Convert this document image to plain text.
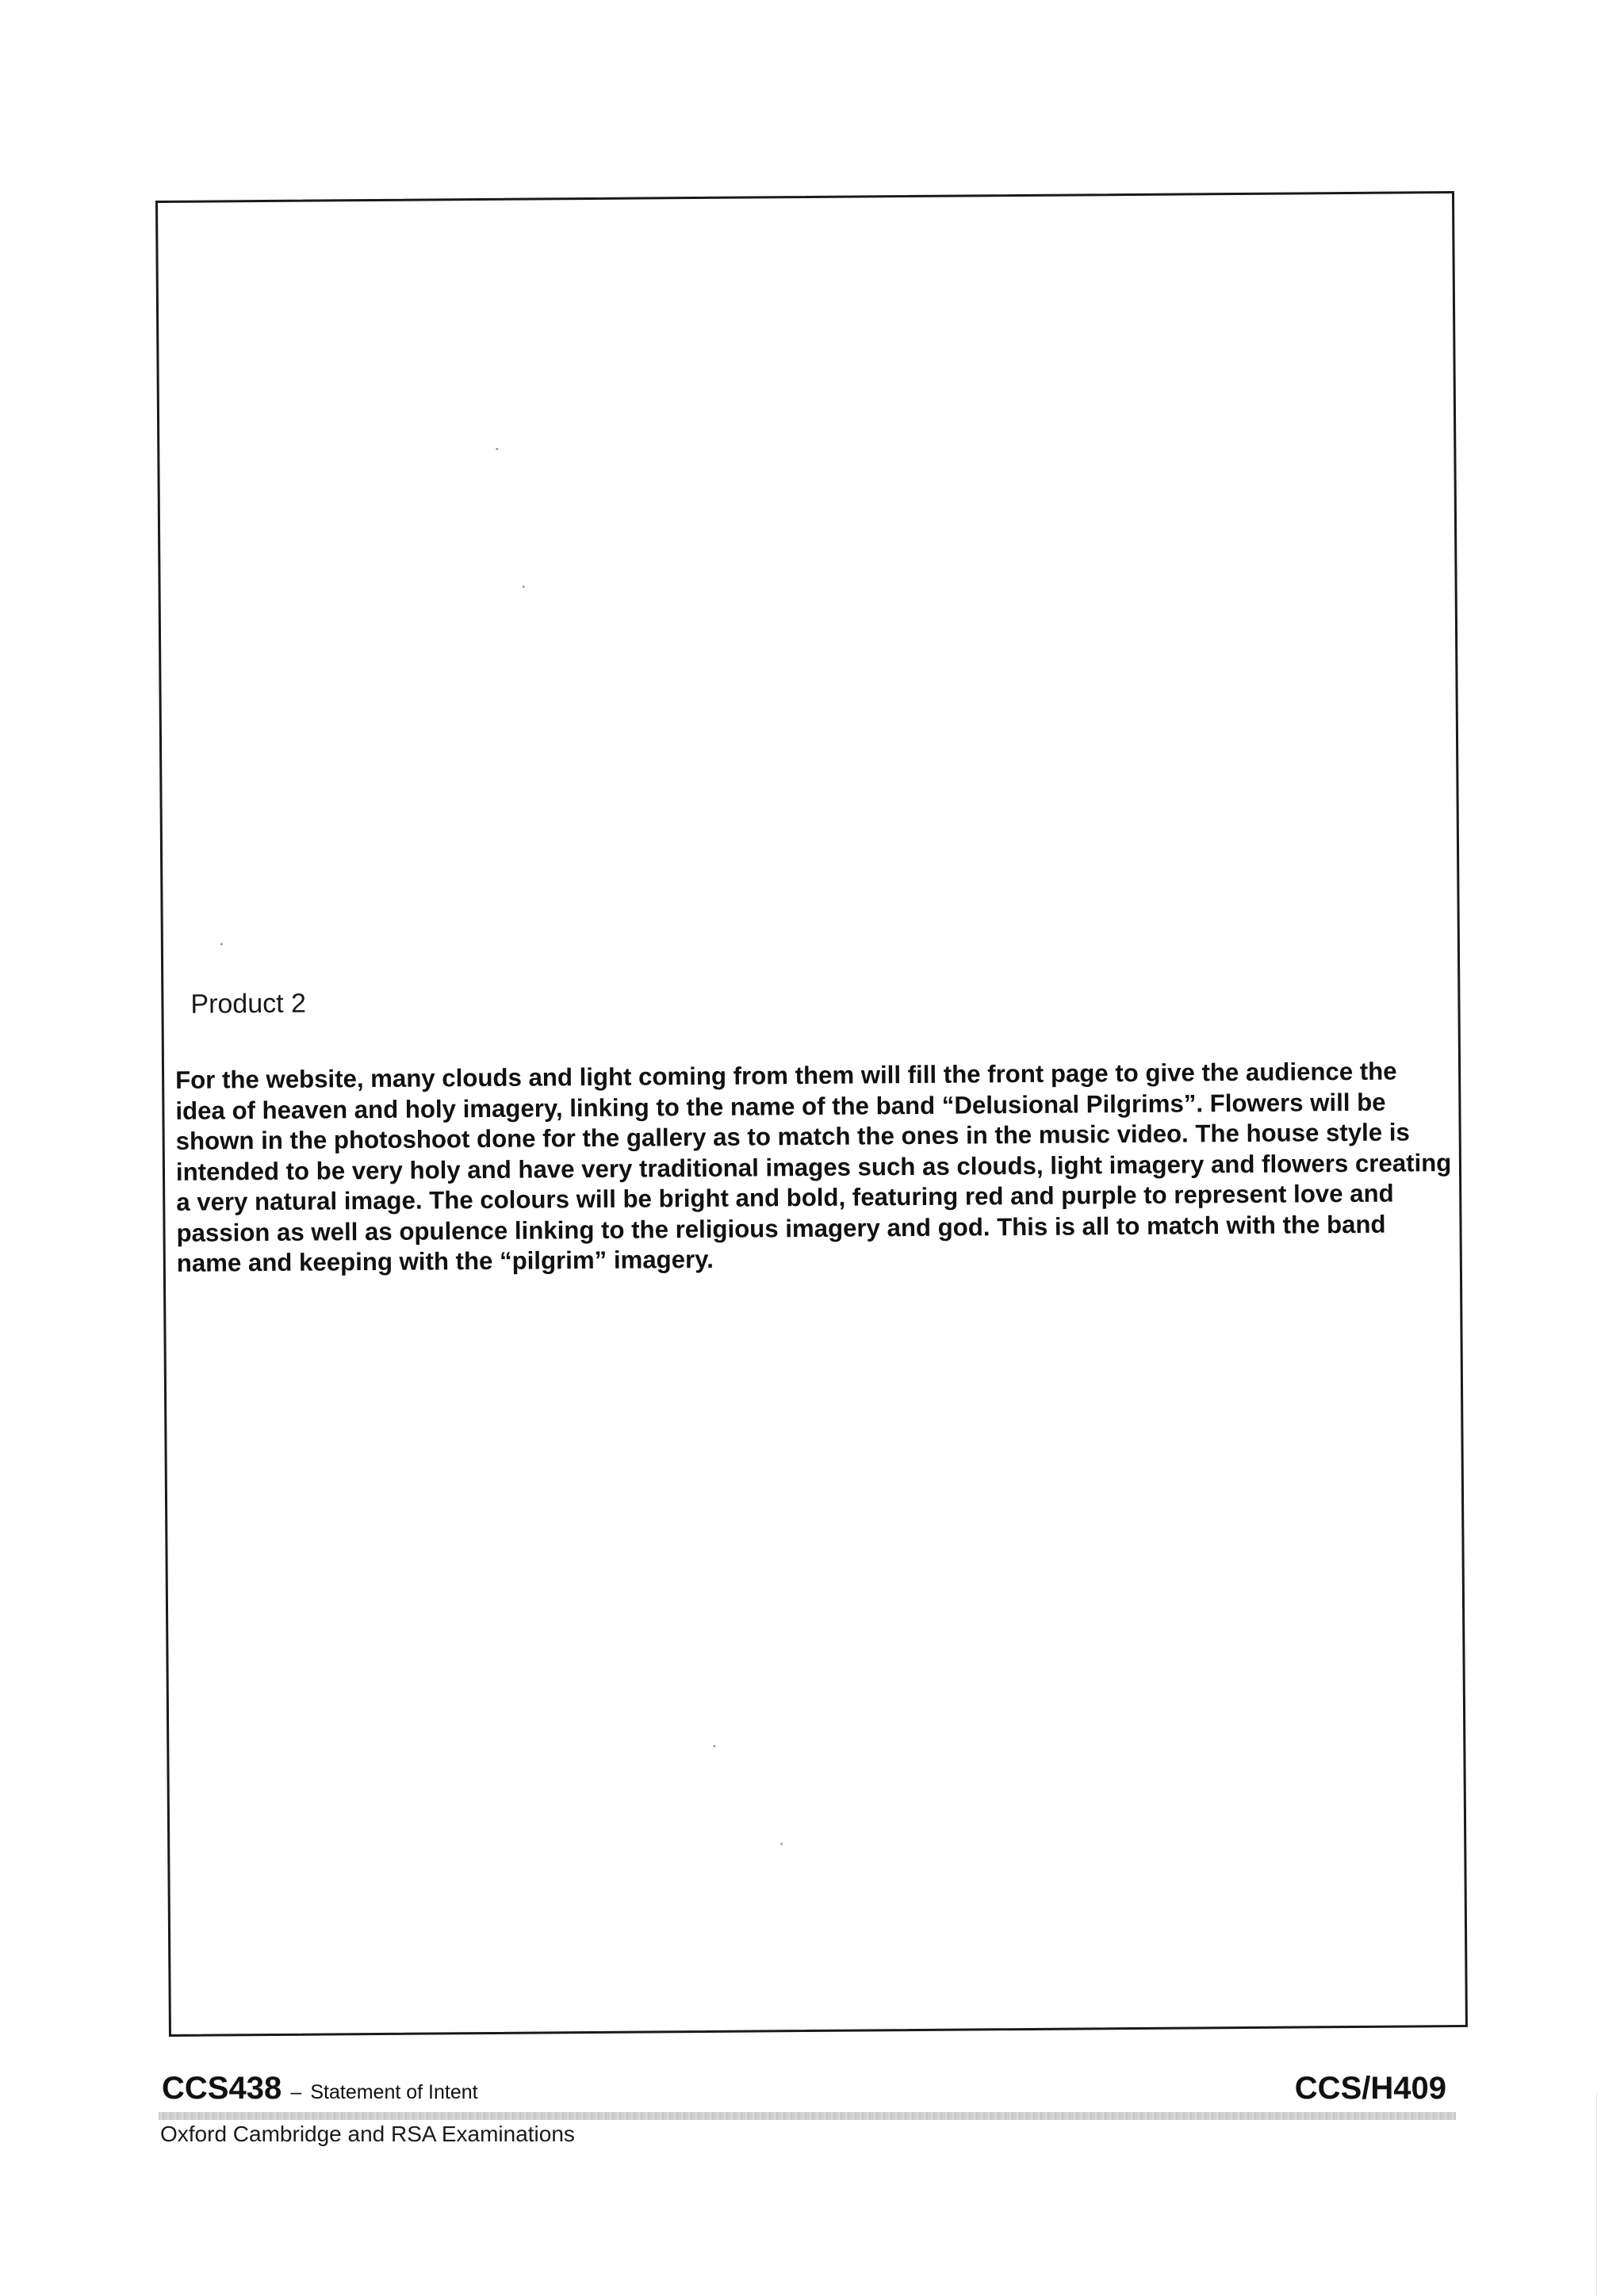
Product 2

For the website, many clouds and light coming from them will fill the front page to give the audience the idea of heaven and holy imagery, linking to the name of the band “Delusional Pilgrims”. Flowers will be shown in the photoshoot done for the gallery as to match the ones in the music video. The house style is intended to be very holy and have very traditional images such as clouds, light imagery and flowers creating a very natural image. The colours will be bright and bold, featuring red and purple to represent love and passion as well as opulence linking to the religious imagery and god. This is all to match with the band name and keeping with the “pilgrim” imagery.

CCS438 – Statement of Intent	CCS/H409
Oxford Cambridge and RSA Examinations
